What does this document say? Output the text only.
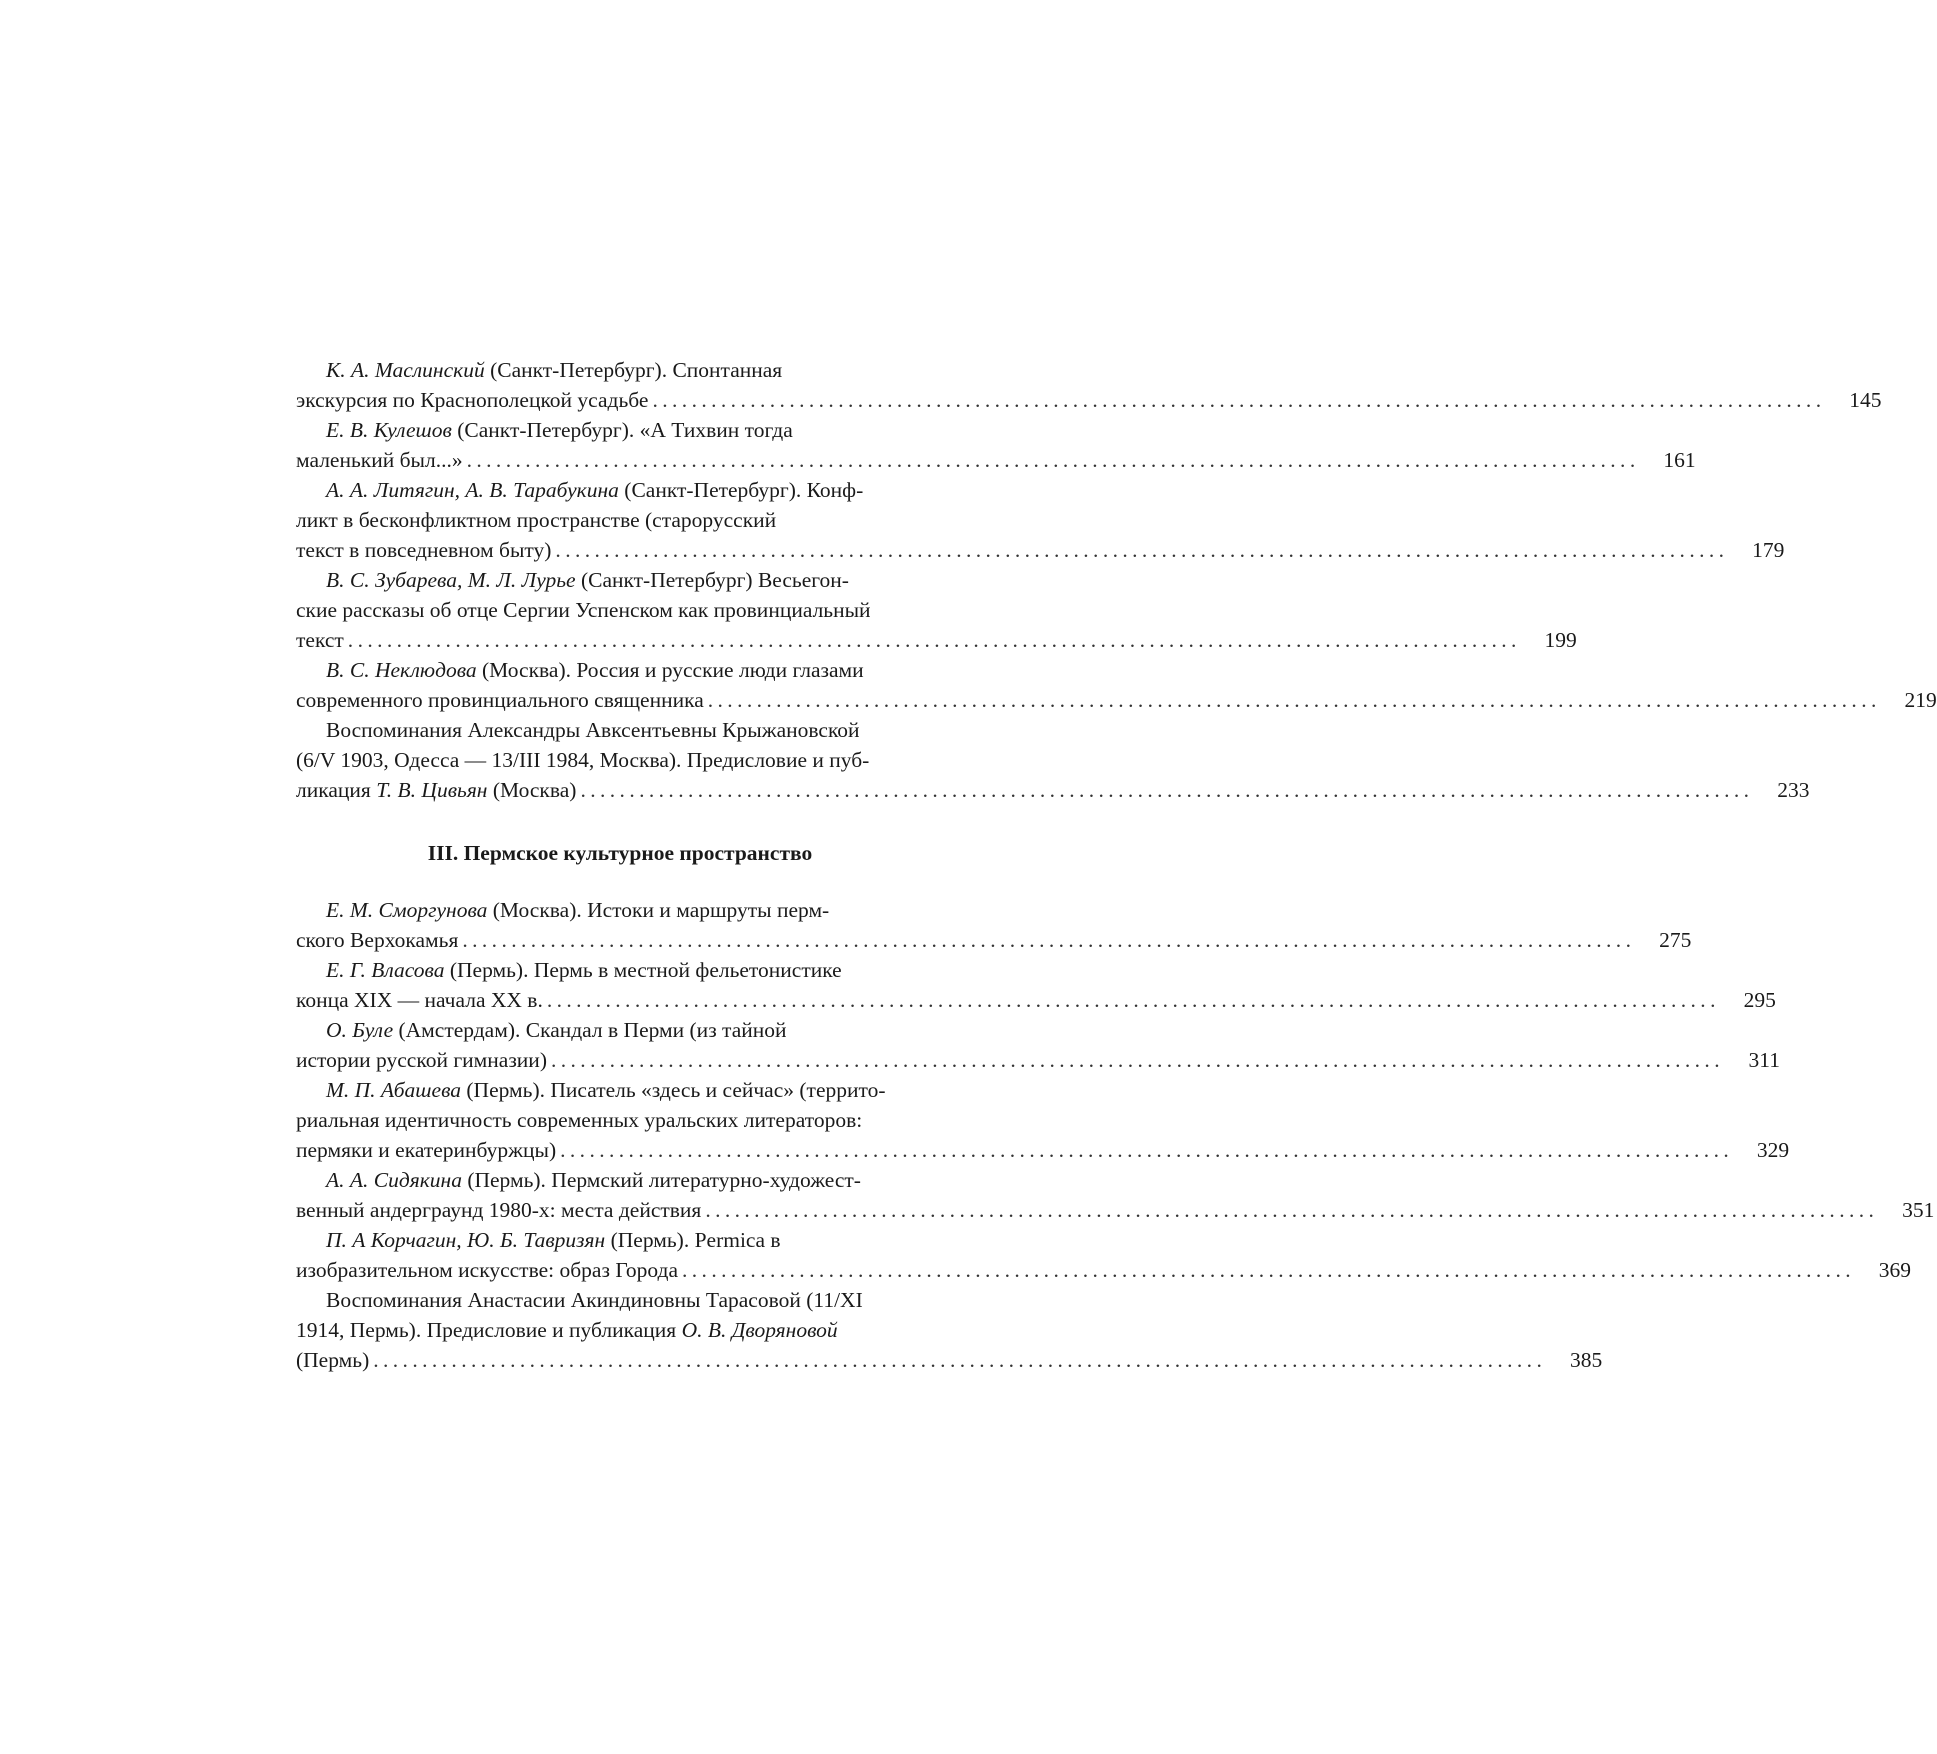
К. А. Маслинский (Санкт-Петербург). Спонтанная
экскурсия по Краснополецкой усадьбе ........................................................................................................................	145
Е. В. Кулешов (Санкт-Петербург). «А Тихвин тогда
маленький был...» ........................................................................................................................	161
А. А. Литягин, А. В. Тарабукина (Санкт-Петербург). Конф-
ликт в бесконфликтном пространстве (старорусский
текст в повседневном быту) ........................................................................................................................	179
В. С. Зубарева, М. Л. Лурье (Санкт-Петербург) Весьегон-
ские рассказы об отце Сергии Успенском как провинциальный
текст ........................................................................................................................	199
В. С. Неклюдова (Москва). Россия и русские люди глазами
современного провинциального священника ........................................................................................................................	219
Воспоминания Александры Авксентьевны Крыжановской
(6/V 1903, Одесса — 13/III 1984, Москва). Предисловие и пуб-
ликация Т. В. Цивьян (Москва) ........................................................................................................................	233
III. Пермское культурное пространство
Е. М. Сморгунова (Москва). Истоки и маршруты перм-
ского Верхокамья ........................................................................................................................	275
Е. Г. Власова (Пермь). Пермь в местной фельетонистике
конца XIX — начала XX в. ........................................................................................................................	295
О. Буле (Амстердам). Скандал в Перми (из тайной
истории русской гимназии) ........................................................................................................................	311
М. П. Абашева (Пермь). Писатель «здесь и сейчас» (террито-
риальная идентичность современных уральских литераторов:
пермяки и екатеринбуржцы) ........................................................................................................................	329
А. А. Сидякина (Пермь). Пермский литературно-художест-
венный андерграунд 1980-х: места действия ........................................................................................................................	351
П. А Корчагин, Ю. Б. Тавризян (Пермь). Permica в
изобразительном искусстве: образ Города ........................................................................................................................	369
Воспоминания Анастасии Акиндиновны Тарасовой (11/XI
1914, Пермь). Предисловие и публикация О. В. Дворяновой
(Пермь) ........................................................................................................................	385
